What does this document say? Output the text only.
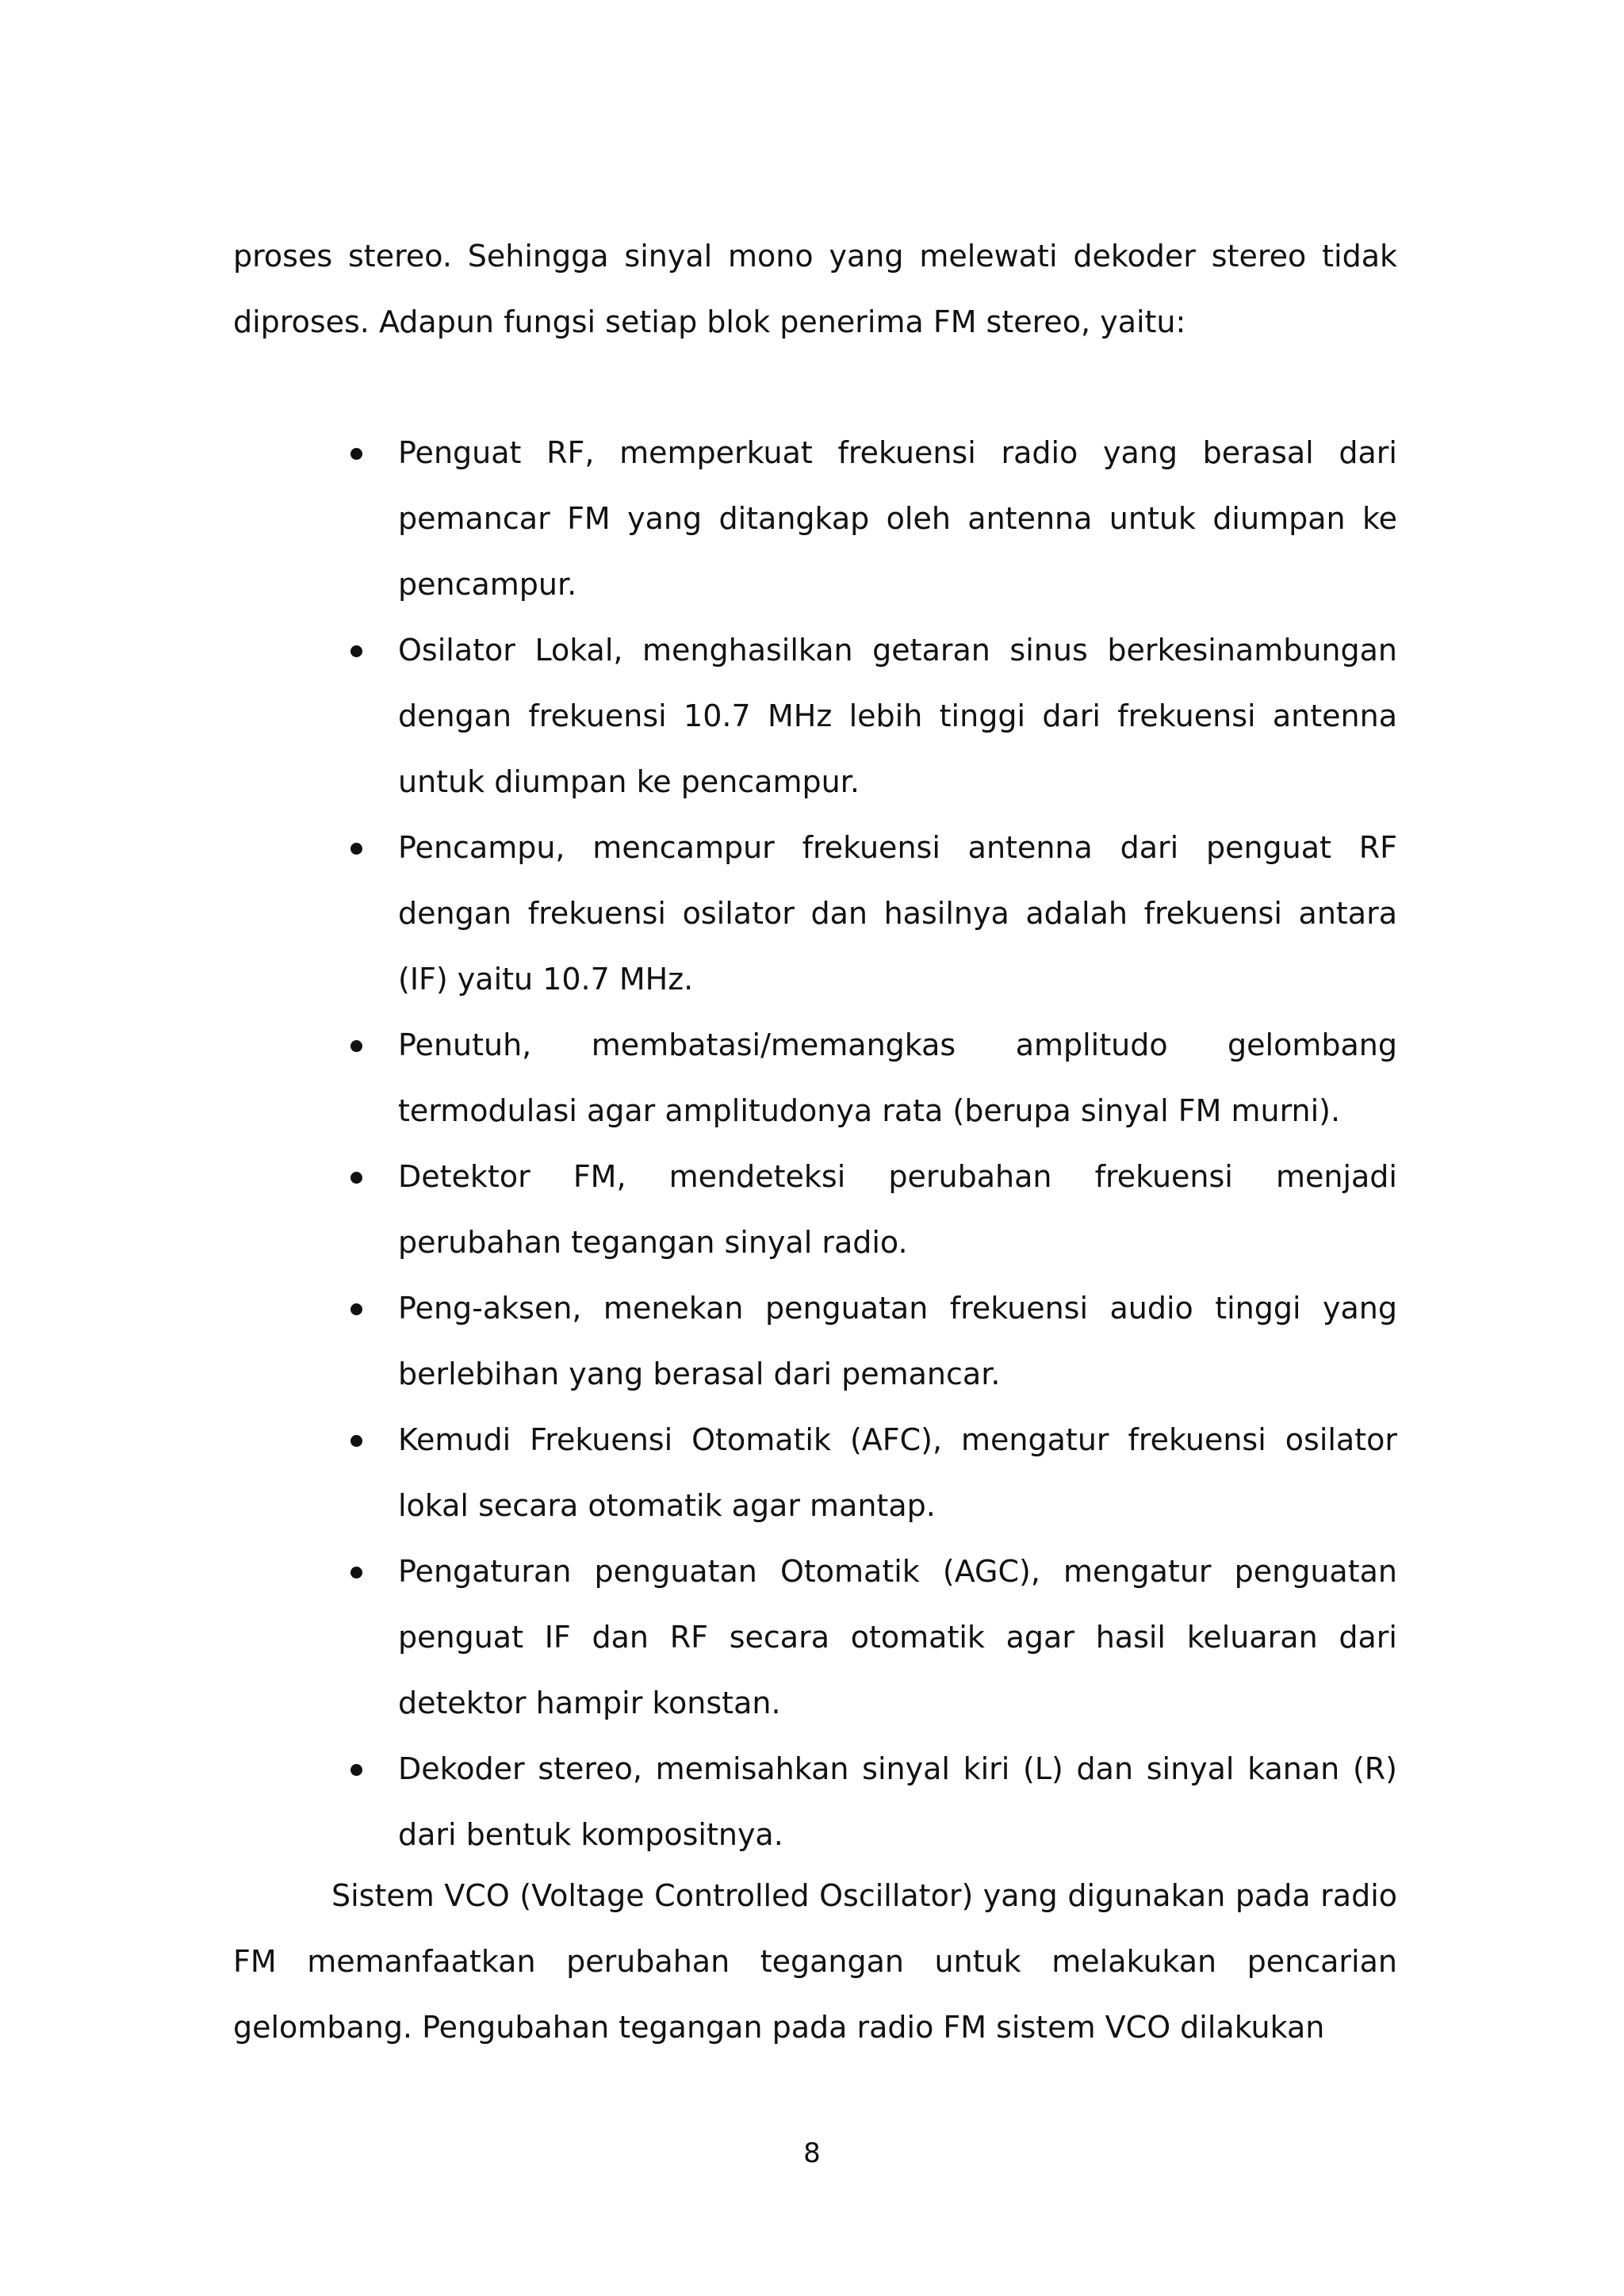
proses stereo. Sehingga sinyal mono yang melewati dekoder stereo tidak diproses. Adapun fungsi setiap blok penerima FM stereo, yaitu:

Penguat RF, memperkuat frekuensi radio yang berasal dari pemancar FM yang ditangkap oleh antenna untuk diumpan ke pencampur.
Osilator Lokal, menghasilkan getaran sinus berkesinambungan dengan frekuensi 10.7 MHz lebih tinggi dari frekuensi antenna untuk diumpan ke pencampur.
Pencampu, mencampur frekuensi antenna dari penguat RF dengan frekuensi osilator dan hasilnya adalah frekuensi antara (IF) yaitu 10.7 MHz.
Penutuh, membatasi/memangkas amplitudo gelombang termodulasi agar amplitudonya rata (berupa sinyal FM murni).
Detektor FM, mendeteksi perubahan frekuensi menjadi perubahan tegangan sinyal radio.
Peng-aksen, menekan penguatan frekuensi audio tinggi yang berlebihan yang berasal dari pemancar.
Kemudi Frekuensi Otomatik (AFC), mengatur frekuensi osilator lokal secara otomatik agar mantap.
Pengaturan penguatan Otomatik (AGC), mengatur penguatan penguat IF dan RF secara otomatik agar hasil keluaran dari detektor hampir konstan.
Dekoder stereo, memisahkan sinyal kiri (L) dan sinyal kanan (R) dari bentuk kompositnya.

Sistem VCO (Voltage Controlled Oscillator) yang digunakan pada radio FM memanfaatkan perubahan tegangan untuk melakukan pencarian gelombang. Pengubahan tegangan pada radio FM sistem VCO dilakukan

8
